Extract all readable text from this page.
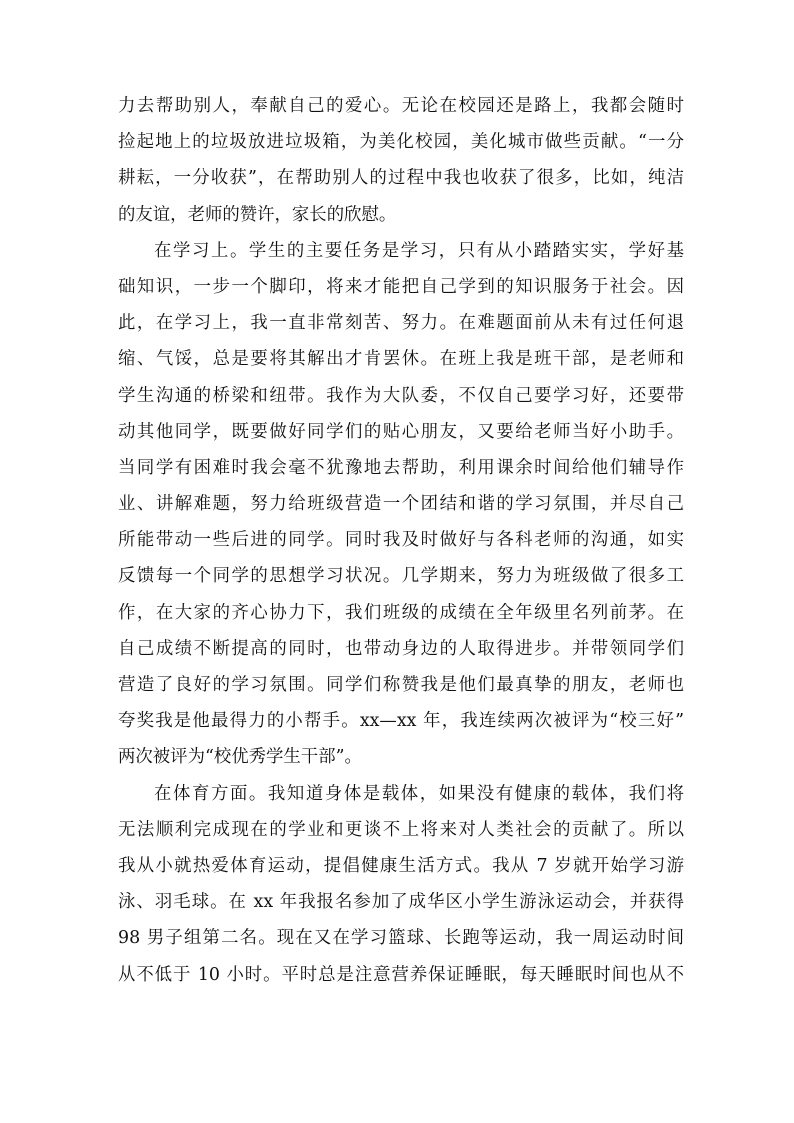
力去帮助别人，奉献自己的爱心。无论在校园还是路上，我都会随时
捡起地上的垃圾放进垃圾箱，为美化校园，美化城市做些贡献。“一分
耕耘，一分收获”，在帮助别人的过程中我也收获了很多，比如，纯洁
的友谊，老师的赞许，家长的欣慰。
在学习上。学生的主要任务是学习，只有从小踏踏实实，学好基
础知识，一步一个脚印，将来才能把自己学到的知识服务于社会。因
此，在学习上，我一直非常刻苦、努力。在难题面前从未有过任何退
缩、气馁，总是要将其解出才肯罢休。在班上我是班干部，是老师和
学生沟通的桥梁和纽带。我作为大队委，不仅自己要学习好，还要带
动其他同学，既要做好同学们的贴心朋友，又要给老师当好小助手。
当同学有困难时我会毫不犹豫地去帮助，利用课余时间给他们辅导作
业、讲解难题，努力给班级营造一个团结和谐的学习氛围，并尽自己
所能带动一些后进的同学。同时我及时做好与各科老师的沟通，如实
反馈每一个同学的思想学习状况。几学期来，努力为班级做了很多工
作，在大家的齐心协力下，我们班级的成绩在全年级里名列前茅。在
自己成绩不断提高的同时，也带动身边的人取得进步。并带领同学们
营造了良好的学习氛围。同学们称赞我是他们最真挚的朋友，老师也
夸奖我是他最得力的小帮手。xx—xx 年，我连续两次被评为“校三好”
两次被评为“校优秀学生干部”。
在体育方面。我知道身体是载体，如果没有健康的载体，我们将
无法顺利完成现在的学业和更谈不上将来对人类社会的贡献了。所以
我从小就热爱体育运动，提倡健康生活方式。我从 7 岁就开始学习游
泳、羽毛球。在 xx 年我报名参加了成华区小学生游泳运动会，并获得
98 男子组第二名。现在又在学习篮球、长跑等运动，我一周运动时间
从不低于 10 小时。平时总是注意营养保证睡眠，每天睡眠时间也从不
